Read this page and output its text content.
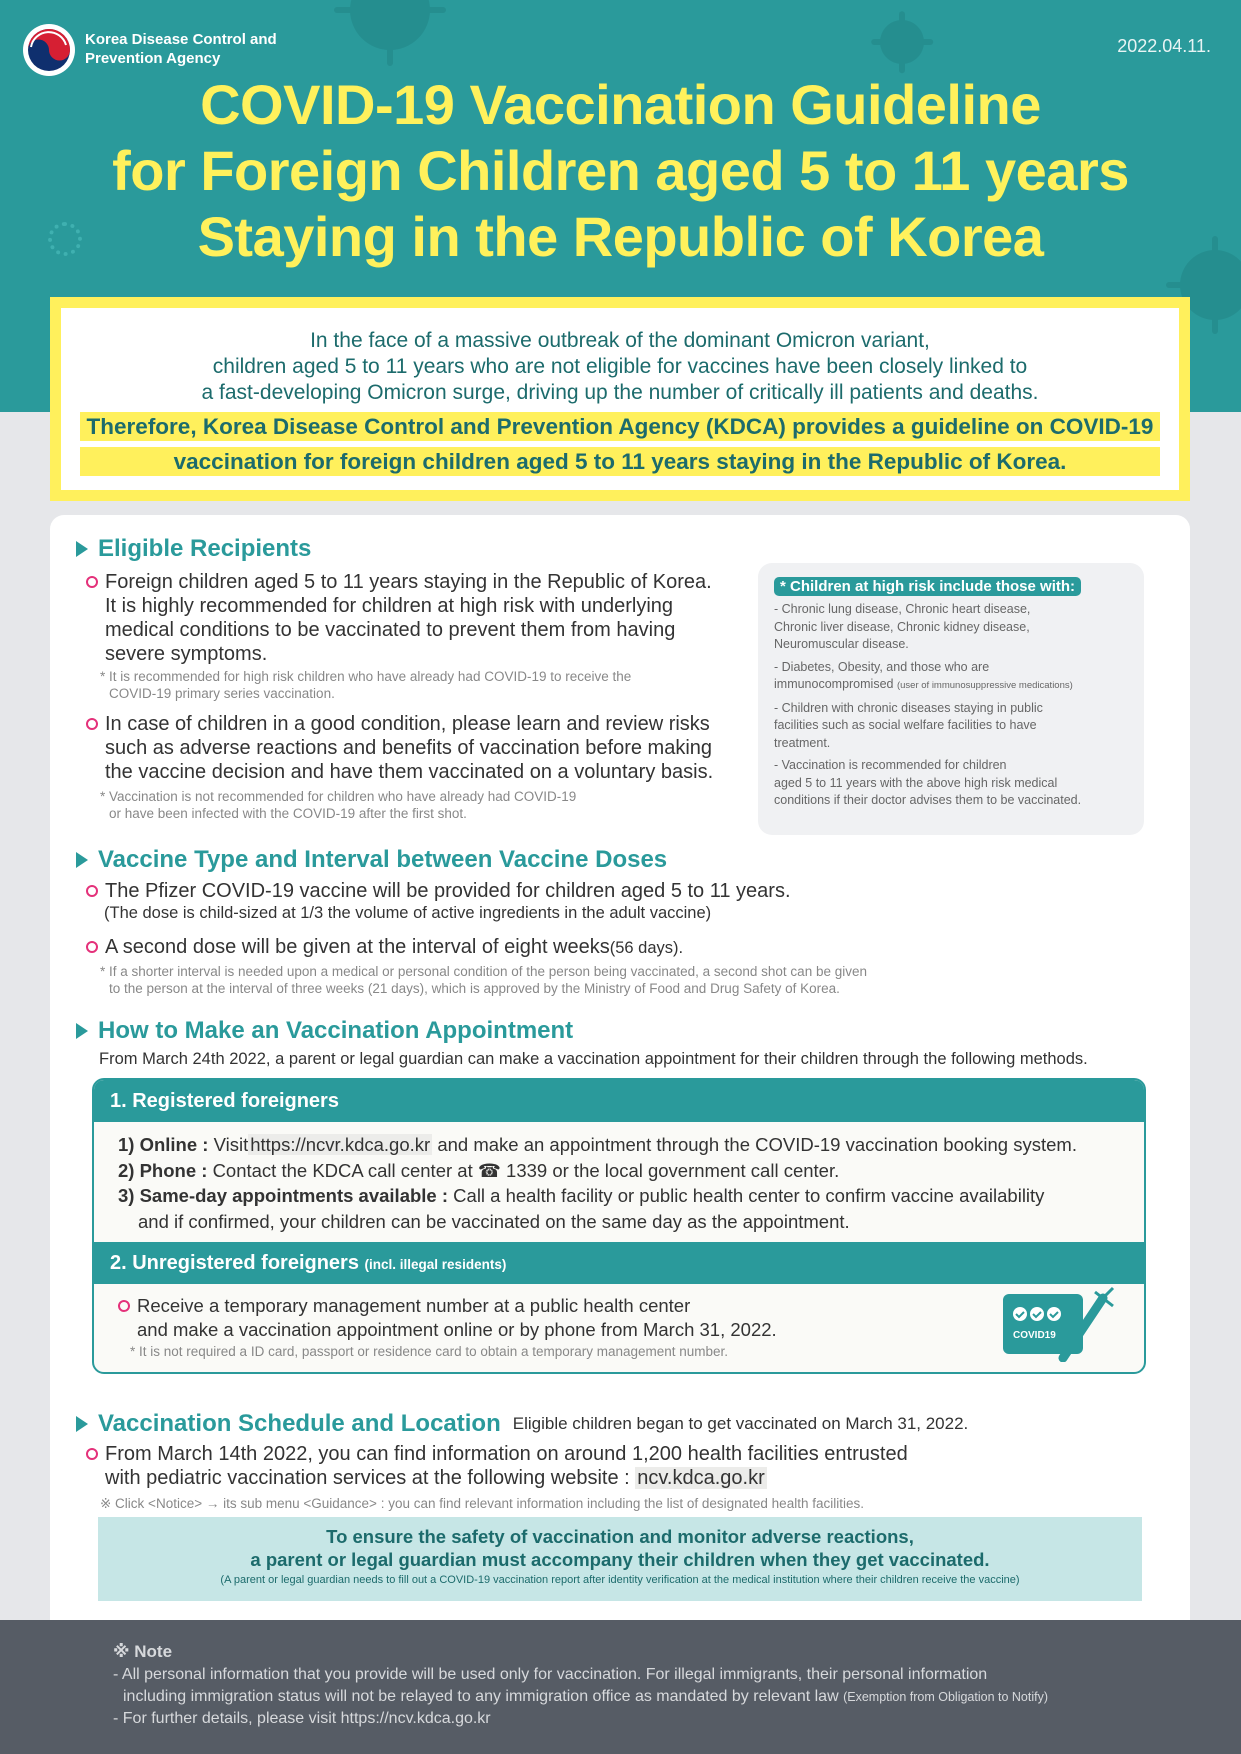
Korea Disease Control and
Prevention Agency
2022.04.11.
COVID-19 Vaccination Guideline
for Foreign Children aged 5 to 11 years
Staying in the Republic of Korea
In the face of a massive outbreak of the dominant Omicron variant,
children aged 5 to 11 years who are not eligible for vaccines have been closely linked to
a fast-developing Omicron surge, driving up the number of critically ill patients and deaths.
Therefore, Korea Disease Control and Prevention Agency (KDCA) provides a guideline on COVID-19
vaccination for foreign children aged 5 to 11 years staying in the Republic of Korea.
Eligible Recipients
Foreign children aged 5 to 11 years staying in the Republic of Korea.
It is highly recommended for children at high risk with underlying
medical conditions to be vaccinated to prevent them from having
severe symptoms.
* It is recommended for high risk children who have already had COVID-19 to receive the
COVID-19 primary series vaccination.
In case of children in a good condition, please learn and review risks
such as adverse reactions and benefits of vaccination before making
the vaccine decision and have them vaccinated on a voluntary basis.
* Vaccination is not recommended for children who have already had COVID-19
or have been infected with the COVID-19 after the first shot.
* Children at high risk include those with:
- Chronic lung disease, Chronic heart disease,
Chronic liver disease, Chronic kidney disease,
Neuromuscular disease.
- Diabetes, Obesity, and those who are
immunocompromised (user of immunosuppressive medications)
- Children with chronic diseases staying in public
facilities such as social welfare facilities to have
treatment.
- Vaccination is recommended for children
aged 5 to 11 years with the above high risk medical
conditions if their doctor advises them to be vaccinated.
Vaccine Type and Interval between Vaccine Doses
The Pfizer COVID-19 vaccine will be provided for children aged 5 to 11 years.
(The dose is child-sized at 1/3 the volume of active ingredients in the adult vaccine)
A second dose will be given at the interval of eight weeks(56 days).
* If a shorter interval is needed upon a medical or personal condition of the person being vaccinated, a second shot can be given
to the person at the interval of three weeks (21 days), which is approved by the Ministry of Food and Drug Safety of Korea.
How to Make an Vaccination Appointment
From March 24th 2022, a parent or legal guardian can make a vaccination appointment for their children through the following methods.
1. Registered foreigners
1) Online : Visit https://ncvr.kdca.go.kr and make an appointment through the COVID-19 vaccination booking system.
2) Phone : Contact the KDCA call center at ☎ 1339 or the local government call center.
3) Same-day appointments available : Call a health facility or public health center to confirm vaccine availability
and if confirmed, your children can be vaccinated on the same day as the appointment.
2. Unregistered foreigners (incl. illegal residents)
Receive a temporary management number at a public health center
and make a vaccination appointment online or by phone from March 31, 2022.
* It is not required a ID card, passport or residence card to obtain a temporary management number.
COVID19
Vaccination Schedule and Location Eligible children began to get vaccinated on March 31, 2022.
From March 14th 2022, you can find information on around 1,200 health facilities entrusted
with pediatric vaccination services at the following website : ncv.kdca.go.kr
※ Click <Notice> → its sub menu <Guidance> : you can find relevant information including the list of designated health facilities.
To ensure the safety of vaccination and monitor adverse reactions,
a parent or legal guardian must accompany their children when they get vaccinated.
(A parent or legal guardian needs to fill out a COVID-19 vaccination report after identity verification at the medical institution where their children receive the vaccine)
※ Note
- All personal information that you provide will be used only for vaccination. For illegal immigrants, their personal information
including immigration status will not be relayed to any immigration office as mandated by relevant law (Exemption from Obligation to Notify)
- For further details, please visit https://ncv.kdca.go.kr
